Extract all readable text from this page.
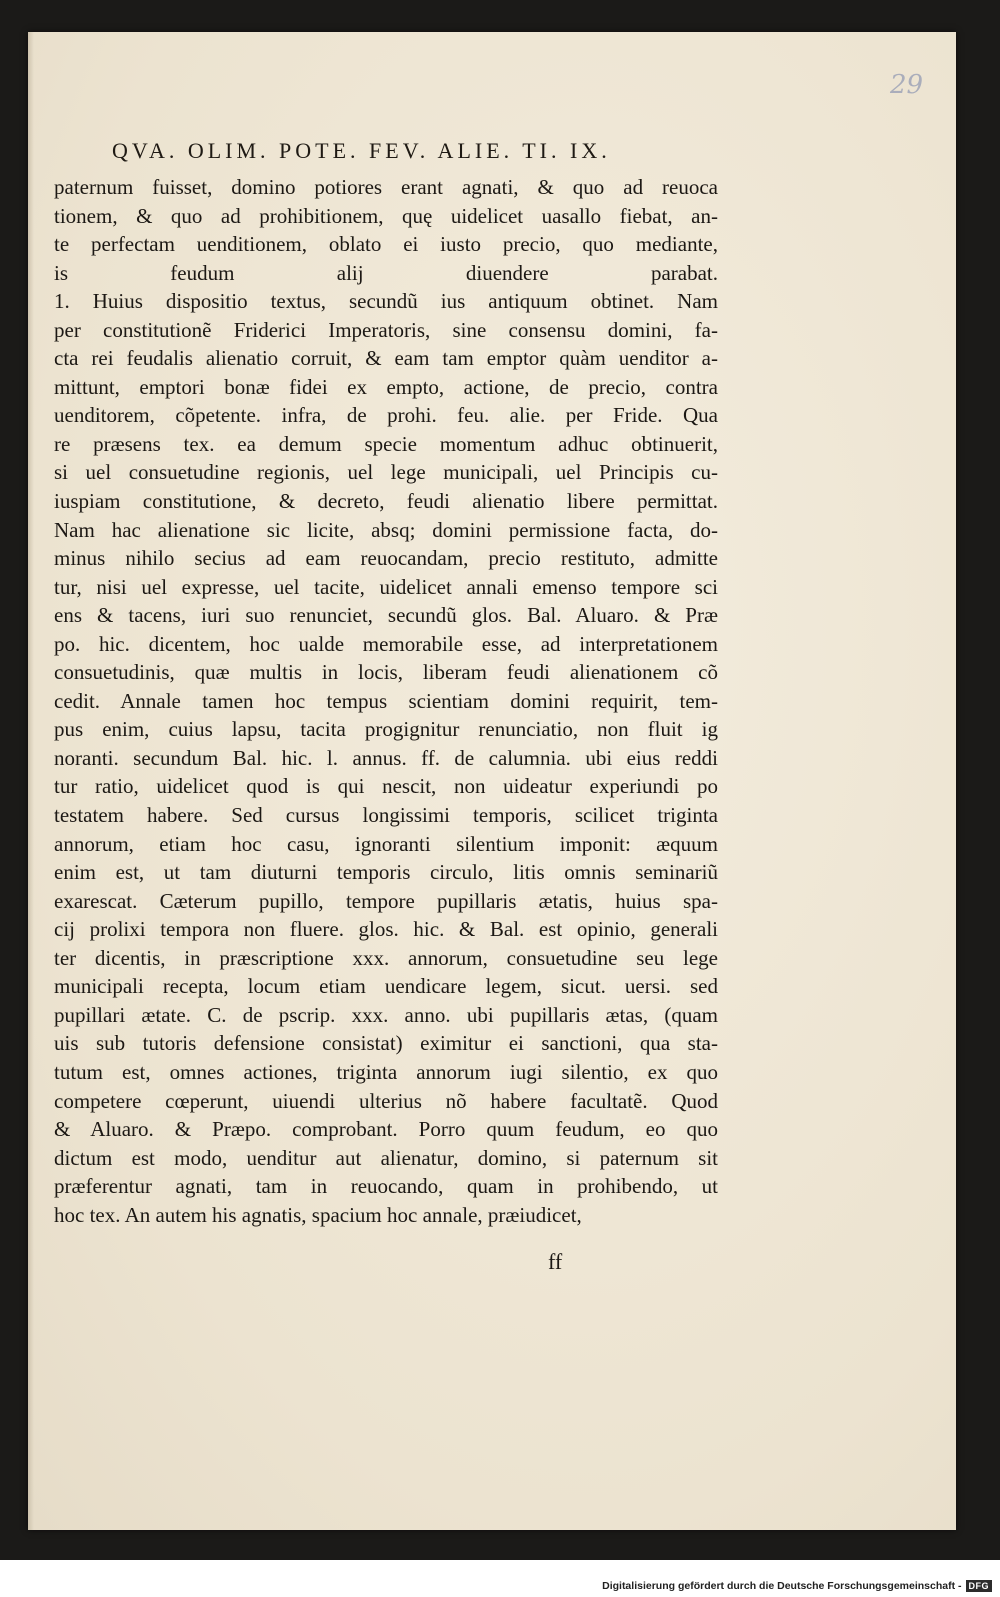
29
QVA. OLIM. POTE. FEV. ALIE. TI. IX.
paternum fuisset, domino potiores erant agnati, & quo ad reuoca
tionem, & quo ad prohibitionem, quę uidelicet uasallo fiebat, an-
te perfectam uenditionem, oblato ei iusto precio, quo mediante,
is feudum alij diuendere parabat.
1. Huius dispositio textus, secundũ ius antiquum obtinet. Nam
per constitutionẽ Friderici Imperatoris, sine consensu domini, fa-
cta rei feudalis alienatio corruit, & eam tam emptor quàm uenditor a-
mittunt, emptori bonæ fidei ex empto, actione, de precio, contra
uenditorem, cõpetente. infra, de prohi. feu. alie. per Fride. Qua
re præsens tex. ea demum specie momentum adhuc obtinuerit,
si uel consuetudine regionis, uel lege municipali, uel Principis cu-
iuspiam constitutione, & decreto, feudi alienatio libere permittat.
Nam hac alienatione sic licite, absq; domini permissione facta, do-
minus nihilo secius ad eam reuocandam, precio restituto, admitte
tur, nisi uel expresse, uel tacite, uidelicet annali emenso tempore sci
ens & tacens, iuri suo renunciet, secundũ glos. Bal. Aluaro. & Præ
po. hic. dicentem, hoc ualde memorabile esse, ad interpretationem
consuetudinis, quæ multis in locis, liberam feudi alienationem cõ
cedit. Annale tamen hoc tempus scientiam domini requirit, tem-
pus enim, cuius lapsu, tacita progignitur renunciatio, non fluit ig
noranti. secundum Bal. hic. l. annus. ff. de calumnia. ubi eius reddi
tur ratio, uidelicet quod is qui nescit, non uideatur experiundi po
testatem habere. Sed cursus longissimi temporis, scilicet triginta
annorum, etiam hoc casu, ignoranti silentium imponit: æquum
enim est, ut tam diuturni temporis circulo, litis omnis seminariũ
exarescat. Cæterum pupillo, tempore pupillaris ætatis, huius spa-
cij prolixi tempora non fluere. glos. hic. & Bal. est opinio, generali
ter dicentis, in præscriptione xxx. annorum, consuetudine seu lege
municipali recepta, locum etiam uendicare legem, sicut. uersi. sed
pupillari ætate. C. de pscrip. xxx. anno. ubi pupillaris ætas, (quam
uis sub tutoris defensione consistat) eximitur ei sanctioni, qua sta-
tutum est, omnes actiones, triginta annorum iugi silentio, ex quo
competere cœperunt, uiuendi ulterius nõ habere facultatẽ. Quod
& Aluaro. & Præpo. comprobant. Porro quum feudum, eo quo
dictum est modo, uenditur aut alienatur, domino, si paternum sit
præferentur agnati, tam in reuocando, quam in prohibendo, ut
hoc tex. An autem his agnatis, spacium hoc annale, præiudicet,
ff
Digitalisierung gefördert durch die Deutsche Forschungsgemeinschaft - DFG
